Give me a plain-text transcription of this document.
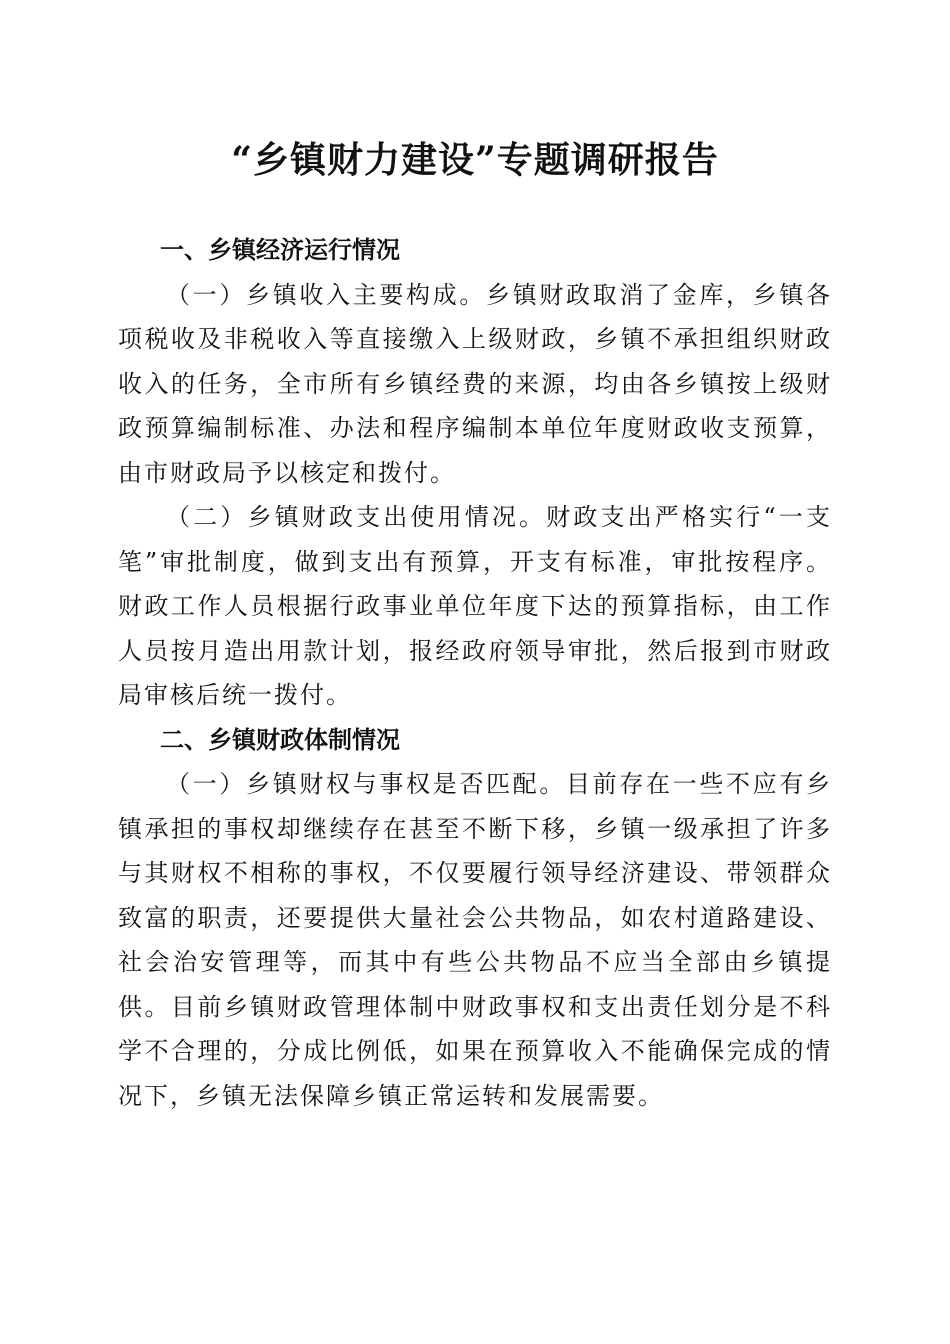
“乡镇财力建设”专题调研报告
一、乡镇经济运行情况

（一）乡镇收入主要构成。乡镇财政取消了金库，乡镇各项税收及非税收入等直接缴入上级财政，乡镇不承担组织财政收入的任务，全市所有乡镇经费的来源，均由各乡镇按上级财政预算编制标准、办法和程序编制本单位年度财政收支预算，由市财政局予以核定和拨付。

（二）乡镇财政支出使用情况。财政支出严格实行“一支笔”审批制度，做到支出有预算，开支有标准，审批按程序。财政工作人员根据行政事业单位年度下达的预算指标，由工作人员按月造出用款计划，报经政府领导审批，然后报到市财政局审核后统一拨付。

二、乡镇财政体制情况

（一）乡镇财权与事权是否匹配。目前存在一些不应有乡镇承担的事权却继续存在甚至不断下移，乡镇一级承担了许多与其财权不相称的事权，不仅要履行领导经济建设、带领群众致富的职责，还要提供大量社会公共物品，如农村道路建设、社会治安管理等，而其中有些公共物品不应当全部由乡镇提供。目前乡镇财政管理体制中财政事权和支出责任划分是不科学不合理的，分成比例低，如果在预算收入不能确保完成的情况下，乡镇无法保障乡镇正常运转和发展需要。
